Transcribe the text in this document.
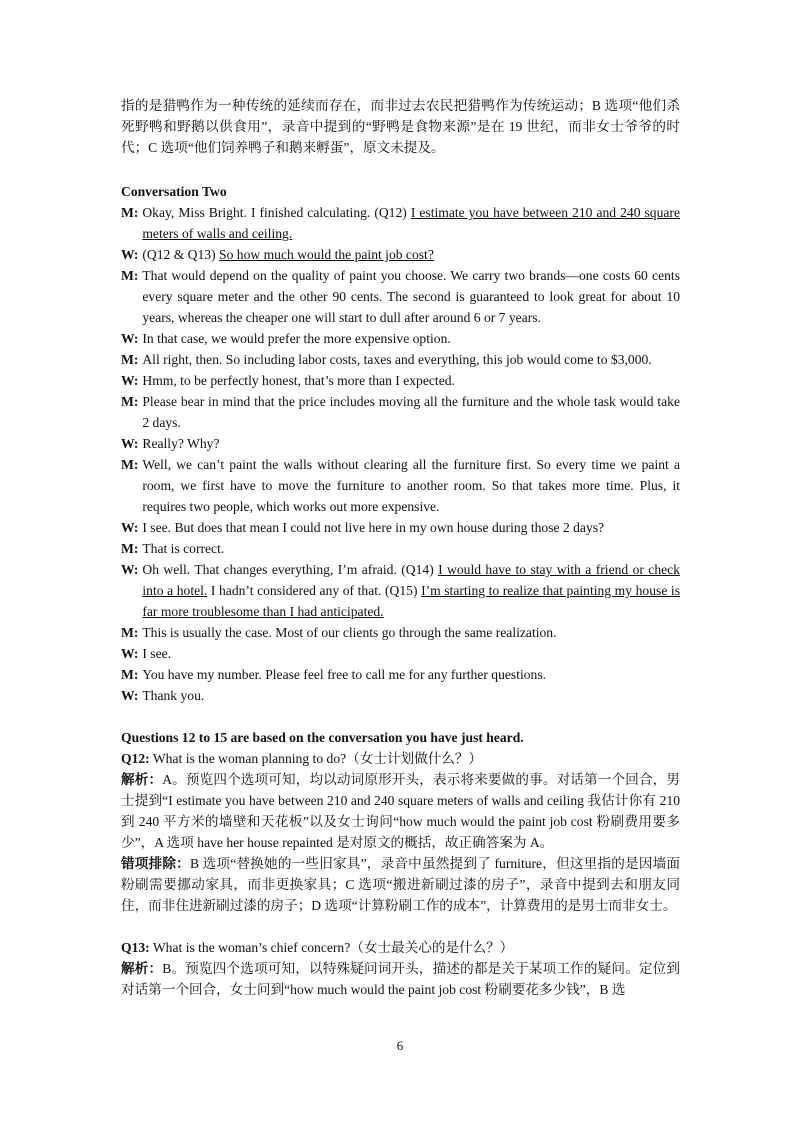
指的是猎鸭作为一种传统的延续而存在，而非过去农民把猎鸭作为传统运动；B 选项“他们杀死野鸭和野鹅以供食用”，录音中提到的“野鸭是食物来源”是在 19 世纪，而非女士爷爷的时代；C 选项“他们饲养鸭子和鹅来孵蛋”，原文未提及。

Conversation Two

M: Okay, Miss Bright. I finished calculating. (Q12) I estimate you have between 210 and 240 square meters of walls and ceiling.
W: (Q12 & Q13) So how much would the paint job cost?
M: That would depend on the quality of paint you choose. We carry two brands—one costs 60 cents every square meter and the other 90 cents. The second is guaranteed to look great for about 10 years, whereas the cheaper one will start to dull after around 6 or 7 years.
W: In that case, we would prefer the more expensive option.
M: All right, then. So including labor costs, taxes and everything, this job would come to $3,000.
W: Hmm, to be perfectly honest, that’s more than I expected.
M: Please bear in mind that the price includes moving all the furniture and the whole task would take 2 days.
W: Really? Why?
M: Well, we can’t paint the walls without clearing all the furniture first. So every time we paint a room, we first have to move the furniture to another room. So that takes more time. Plus, it requires two people, which works out more expensive.
W: I see. But does that mean I could not live here in my own house during those 2 days?
M: That is correct.
W: Oh well. That changes everything, I’m afraid. (Q14) I would have to stay with a friend or check into a hotel. I hadn’t considered any of that. (Q15) I’m starting to realize that painting my house is far more troublesome than I had anticipated.
M: This is usually the case. Most of our clients go through the same realization.
W: I see.
M: You have my number. Please feel free to call me for any further questions.
W: Thank you.

Questions 12 to 15 are based on the conversation you have just heard.

Q12: What is the woman planning to do?（女士计划做什么？）

解析：A。预览四个选项可知，均以动词原形开头，表示将来要做的事。对话第一个回合，男士提到“I estimate you have between 210 and 240 square meters of walls and ceiling 我估计你有 210 到 240 平方米的墙壁和天花板”以及女士询问“how much would the paint job cost 粉刷费用要多少”，A 选项 have her house repainted 是对原文的概括，故正确答案为 A。

错项排除：B 选项“替换她的一些旧家具”，录音中虽然提到了 furniture，但这里指的是因墙面粉刷需要挪动家具，而非更换家具；C 选项“搬进新刷过漆的房子”，录音中提到去和朋友同住，而非住进新刷过漆的房子；D 选项“计算粉刷工作的成本”，计算费用的是男士而非女士。

Q13: What is the woman’s chief concern?（女士最关心的是什么？）

解析：B。预览四个选项可知，以特殊疑问词开头，描述的都是关于某项工作的疑问。定位到对话第一个回合，女士问到“how much would the paint job cost 粉刷要花多少钱”，B 选

6
